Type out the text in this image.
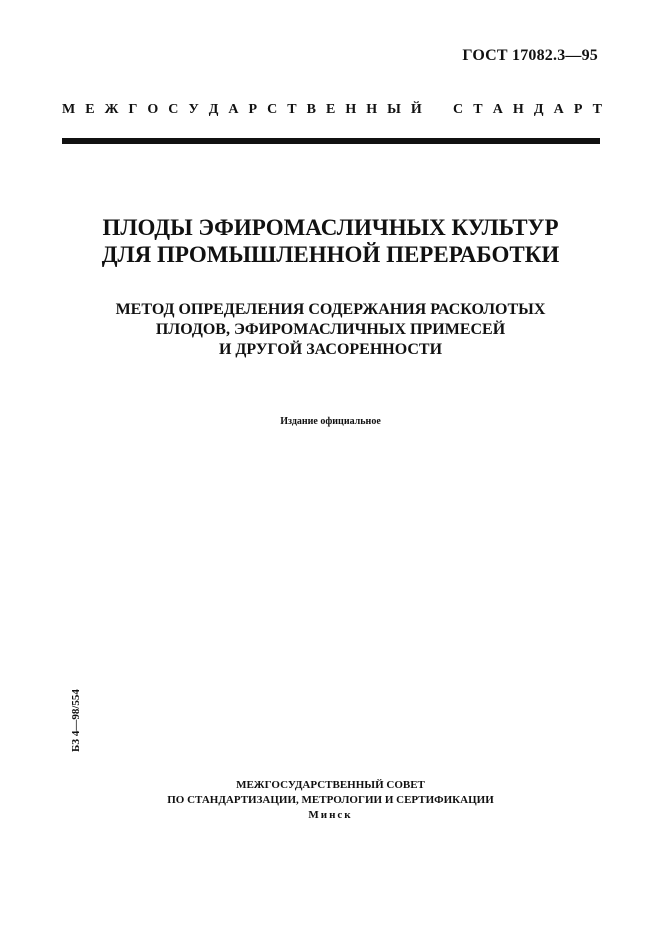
ГОСТ 17082.3—95
М Е Ж Г О С У Д А Р С Т В Е Н Н Ы Й С Т А Н Д А Р Т
ПЛОДЫ ЭФИРОМАСЛИЧНЫХ КУЛЬТУР
ДЛЯ ПРОМЫШЛЕННОЙ ПЕРЕРАБОТКИ
МЕТОД ОПРЕДЕЛЕНИЯ СОДЕРЖАНИЯ РАСКОЛОТЫХ
ПЛОДОВ, ЭФИРОМАСЛИЧНЫХ ПРИМЕСЕЙ
И ДРУГОЙ ЗАСОРЕННОСТИ
Издание официальное
БЗ 4—98/554
МЕЖГОСУДАРСТВЕННЫЙ СОВЕТ
ПО СТАНДАРТИЗАЦИИ, МЕТРОЛОГИИ И СЕРТИФИКАЦИИ
Минск
